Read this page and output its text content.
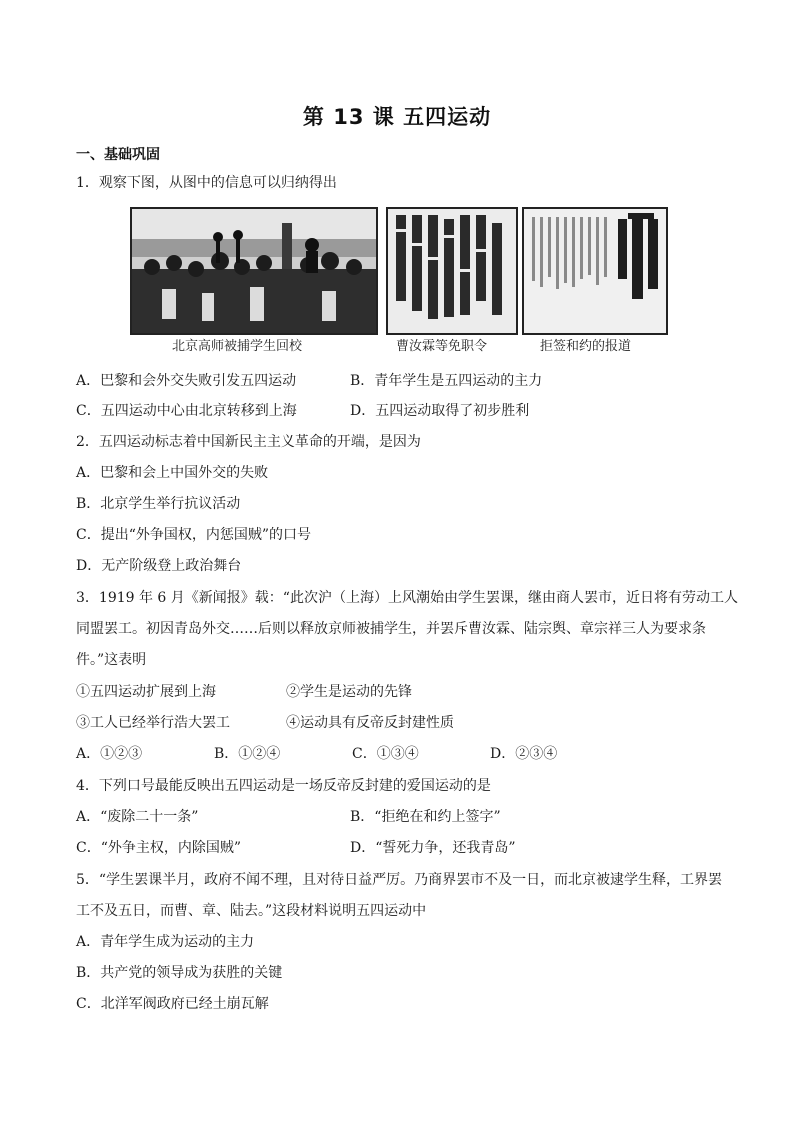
第 13 课 五四运动
一、基础巩固
1．观察下图，从图中的信息可以归纳得出
北京高师被捕学生回校	曹汝霖等免职令	拒签和约的报道
A．巴黎和会外交失败引发五四运动	B．青年学生是五四运动的主力
C．五四运动中心由北京转移到上海	D．五四运动取得了初步胜利
2．五四运动标志着中国新民主主义革命的开端，是因为
A．巴黎和会上中国外交的失败
B．北京学生举行抗议活动
C．提出“外争国权，内惩国贼”的口号
D．无产阶级登上政治舞台
3．1919 年 6 月《新闻报》载：“此次沪（上海）上风潮始由学生罢课，继由商人罢市，近日将有劳动工人
同盟罢工。初因青岛外交……后则以释放京师被捕学生，并罢斥曹汝霖、陆宗舆、章宗祥三人为要求条
件。”这表明
①五四运动扩展到上海	②学生是运动的先锋
③工人已经举行浩大罢工	④运动具有反帝反封建性质
A．①②③	B．①②④	C．①③④	D．②③④
4．下列口号最能反映出五四运动是一场反帝反封建的爱国运动的是
A．“废除二十一条”	B．“拒绝在和约上签字”
C．“外争主权，内除国贼”	D．“誓死力争，还我青岛”
5．“学生罢课半月，政府不闻不理，且对待日益严厉。乃商界罢市不及一日，而北京被逮学生释，工界罢
工不及五日，而曹、章、陆去。”这段材料说明五四运动中
A．青年学生成为运动的主力
B．共产党的领导成为获胜的关键
C．北洋军阀政府已经土崩瓦解
